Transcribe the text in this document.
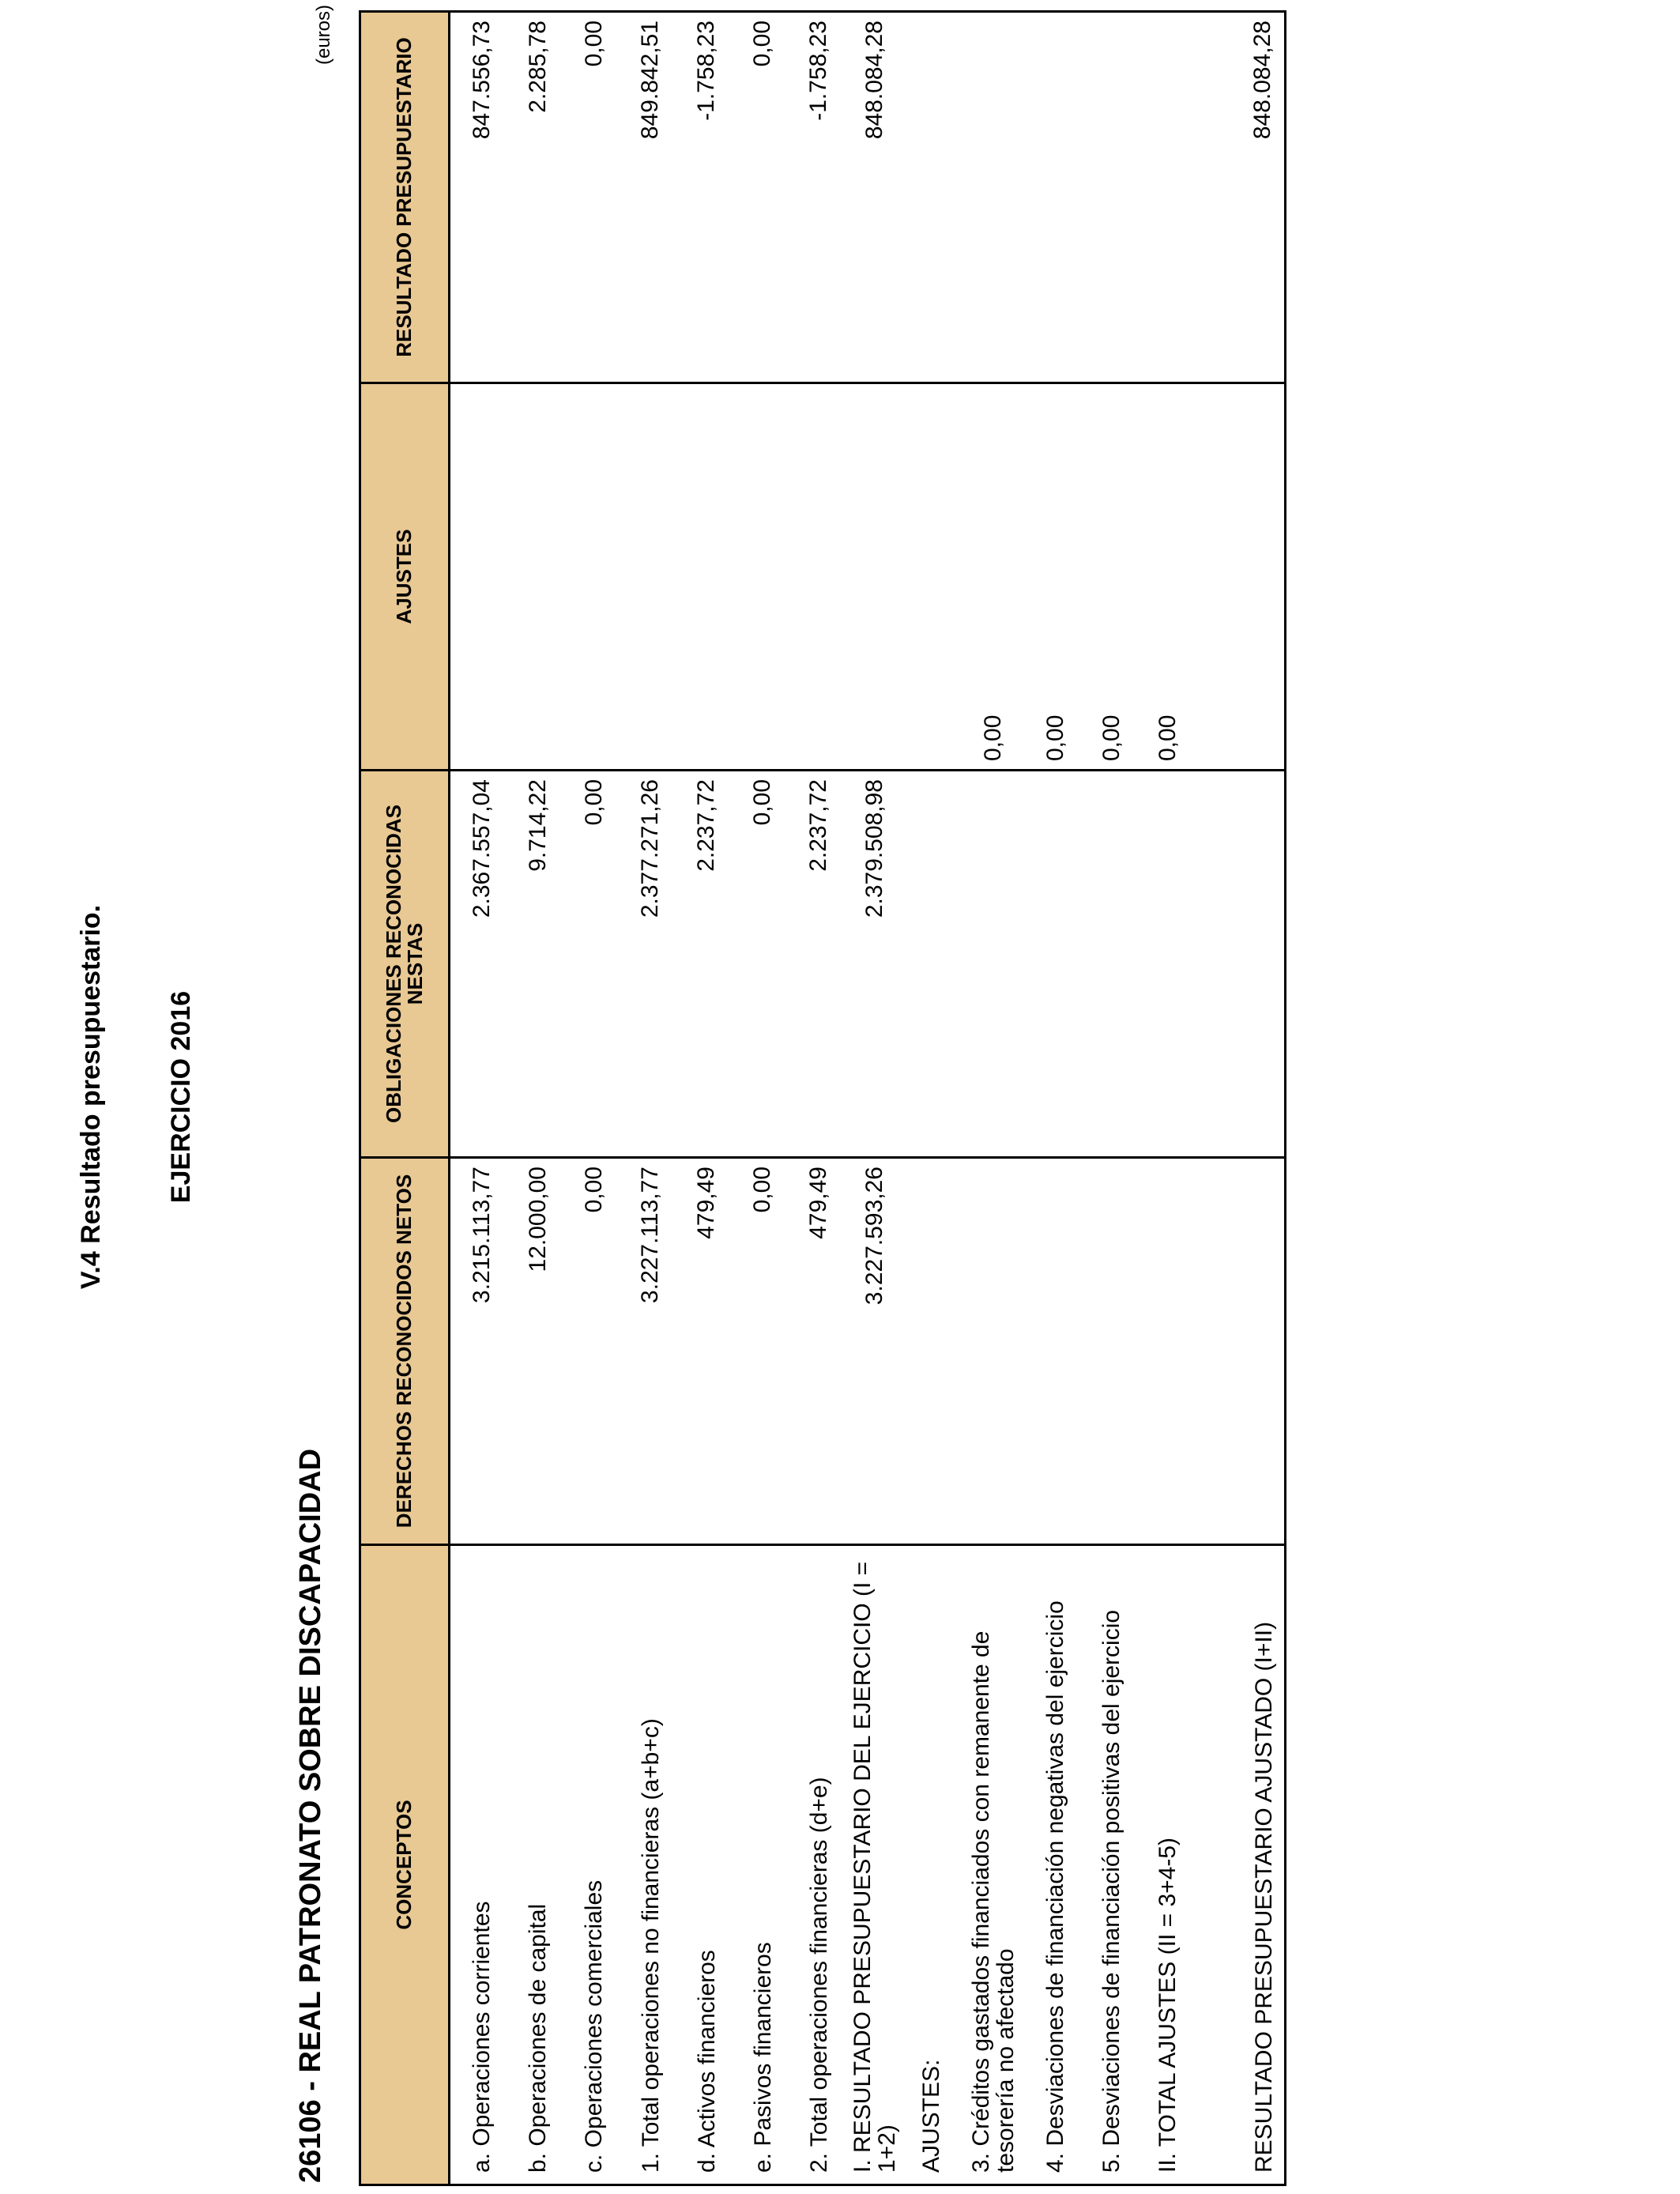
V.4 Resultado presupuestario. EJERCICIO 2016
26106 - REAL PATRONATO SOBRE DISCAPACIDAD
(euros)
CONCEPTOS	DERECHOS RECONOCIDOS NETOS	OBLIGACIONES RECONOCIDAS NESTAS	AJUSTES	RESULTADO PRESUPUESTARIO
a. Operaciones corrientes	3.215.113,77	2.367.557,04		847.556,73
b. Operaciones de capital	12.000,00	9.714,22		2.285,78
c. Operaciones comerciales	0,00	0,00		0,00
1. Total operaciones no financieras (a+b+c)	3.227.113,77	2.377.271,26		849.842,51
d. Activos financieros	479,49	2.237,72		-1.758,23
e. Pasivos financieros	0,00	0,00		0,00
2. Total operaciones financieras (d+e)	479,49	2.237,72		-1.758,23
I. RESULTADO PRESUPUESTARIO DEL EJERCICIO (I = 1+2)	3.227.593,26	2.379.508,98		848.084,28
AJUSTES:				
3. Créditos gastados financiados con remanente de tesorería no afectado			0,00	
4. Desviaciones de financiación negativas del ejercicio			0,00	
5. Desviaciones de financiación positivas del ejercicio			0,00	
II. TOTAL AJUSTES (II = 3+4-5)			0,00	
RESULTADO PRESUPUESTARIO AJUSTADO (I+II)				848.084,28
